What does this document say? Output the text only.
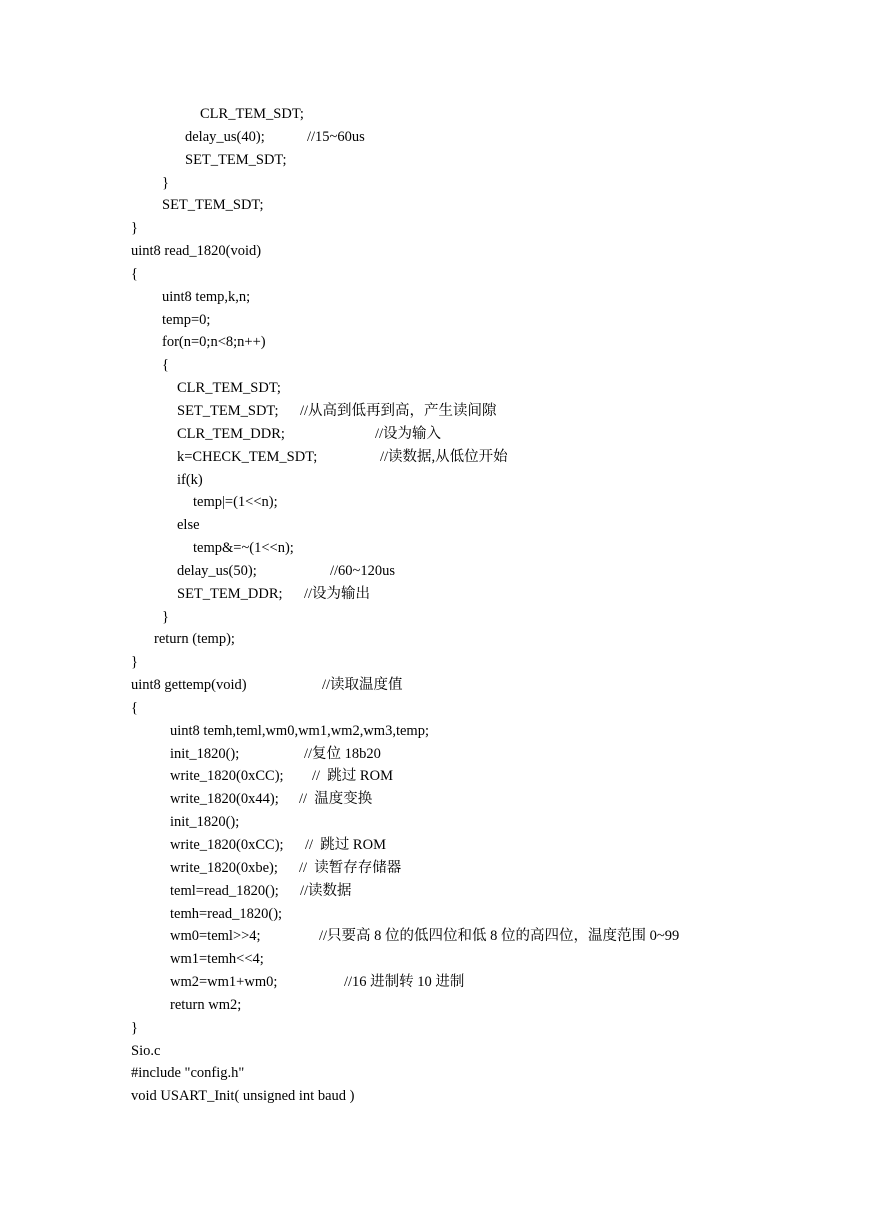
CLR_TEM_SDT;
delay_us(40);	//15~60us
SET_TEM_SDT;
}
SET_TEM_SDT;
}
uint8 read_1820(void)
{
uint8 temp,k,n;
temp=0;
for(n=0;n<8;n++)
{
CLR_TEM_SDT;
SET_TEM_SDT; //从高到低再到高，产生读间隙
CLR_TEM_DDR;	//设为输入
k=CHECK_TEM_SDT;	//读数据,从低位开始
if(k)
temp|=(1<<n);
else
temp&=~(1<<n);
delay_us(50);	//60~120us
SET_TEM_DDR; //设为输出
}
return (temp);
}
uint8 gettemp(void)	//读取温度值
{
uint8 temh,teml,wm0,wm1,wm2,wm3,temp;
init_1820();	//复位 18b20
write_1820(0xCC); //  跳过 ROM
write_1820(0x44); //  温度变换
init_1820();
write_1820(0xCC); //  跳过 ROM
write_1820(0xbe); //  读暂存存储器
teml=read_1820(); //读数据
temh=read_1820();
wm0=teml>>4;	//只要高 8 位的低四位和低 8 位的高四位，温度范围 0~99
wm1=temh<<4;
wm2=wm1+wm0;	//16 进制转 10 进制
return wm2;
}
Sio.c
#include "config.h"
void USART_Init( unsigned int baud )
